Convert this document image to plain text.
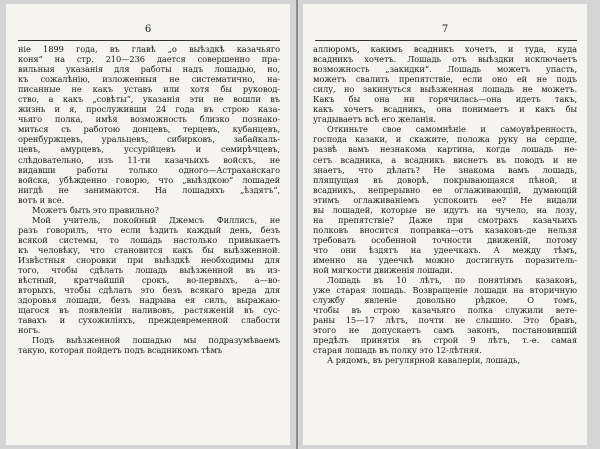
6

ніе 1899 года, въ главѣ „о выѣздкѣ казачьяго
коня“ на стр. 210—236 дается совершенно пра-
вильныя указанія для работы надъ лошадью, но,
къ сожалѣнію, изложенныя не систематично, на-
писанные не какъ уставъ или хотя бы руковод-
ство, а какъ „совѣты“, указанія эти не вошли въ
жизнь и я, прослуживши 24 года въ строю каза-
чьяго полка, имѣя возможность близко познако-
миться съ работою донцевъ, терцевъ, кубанцевъ,
оренбуржцевъ, уральцевъ, сибирковъ, забайкаль-
цевъ, амурцевъ, уссурійцевъ и семирѣчцевъ,
слѣдовательно, изъ 11-ти казачьихъ войскъ, не
видавши работы только одного—Астраханскаго
войска, убѣжденно говорю, что „выѣздкою“ лошадей
нигдѣ не занимаются. На лошадяхъ „ѣздятъ“,
вотъ и все.

Можетъ быть это правильно?

Мой учитель, покойный Джемсъ Филлисъ, не
разъ говорилъ, что если ѣздить каждый день, безъ
всякой системы, то лошадь настолько привыкаетъ
къ человѣку, что становится какъ бы выѣзженной.
Извѣстныя сноровки при выѣздкѣ необходимы для
того, чтобы сдѣлать лошадь выѣзженной въ из-
вѣстный, кратчайшій срокъ, во-первыхъ, а—во-
вторыхъ, чтобы сдѣлать это безъ всякаго вреда для
здоровья лошади, безъ надрыва ея силъ, выражаю-
щагося въ появленіи наливовъ, растяженій въ сус-
тавахъ и сухожиліяхъ, преждевременной слабости
ногъ.

Подъ выѣзженной лошадью мы подразумѣваемъ
такую, которая пойдетъ подъ всадникомъ тѣмъ

7

аллюромъ, какимъ всадникъ хочетъ, и туда, куда
всадникъ хочетъ. Лошадь отъ выѣздки исключаетъ
возможность „закидки“. Лошадь можетъ упасть,
можетъ свалить препятствіе, если оно ей не подъ
силу, но закинуться выѣзженная лошадь не можетъ.
Какъ бы она ни горячилась—она идетъ такъ,
какъ хочетъ всадникъ, она понимаетъ и какъ бы
угадываетъ всѣ его желанія.

Откиньте свое самомнѣніе и самоувѣренность,
господа казаки, и скажите, положа руку на сердце,
развѣ вамъ незнакома картина, когда лошадь не-
сетъ всадника, а всадникъ виснетъ въ поводъ и не
знаетъ, что дѣлать? Не знакома вамъ лошадь,
плящущая въ доворѣ, покрывающаяся пѣной, и
всадникъ, непрерывно ее оглаживающій, думающій
этимъ оглаживаніемъ успокоить ее? Не видали
вы лошадей, которые не идутъ на чучело, на лозу,
на препятствіе? Даже при смотрахъ казачьихъ
полковъ вносится поправка—отъ казаковъ-де нельзя
требовать особенной точности движеній, потому
что они ѣздятъ на удеечкахъ. А между тѣмъ,
именно на удеечкѣ можно достигнуть поразитель-
ной мягкости движенія лошади.

Лошадь въ 10 лѣтъ, по понятіямъ казаковъ,
уже старая лошадь. Возвращеніе лошади на вторичную
службу явленіе довольно рѣдкое. О томъ,
чтобы въ строю казачьяго полка служили вете-
раны 15—17 лѣтъ, почти не слышно. Это бравъ,
этого не допускаетъ самъ законъ, постановившій
предѣлъ принятія въ строй 9 лѣтъ, т.-е. самая
старая лошадь въ полку это 12-лѣтняя.

А рядомъ, въ регулярной кавалеріи, лошадь,
